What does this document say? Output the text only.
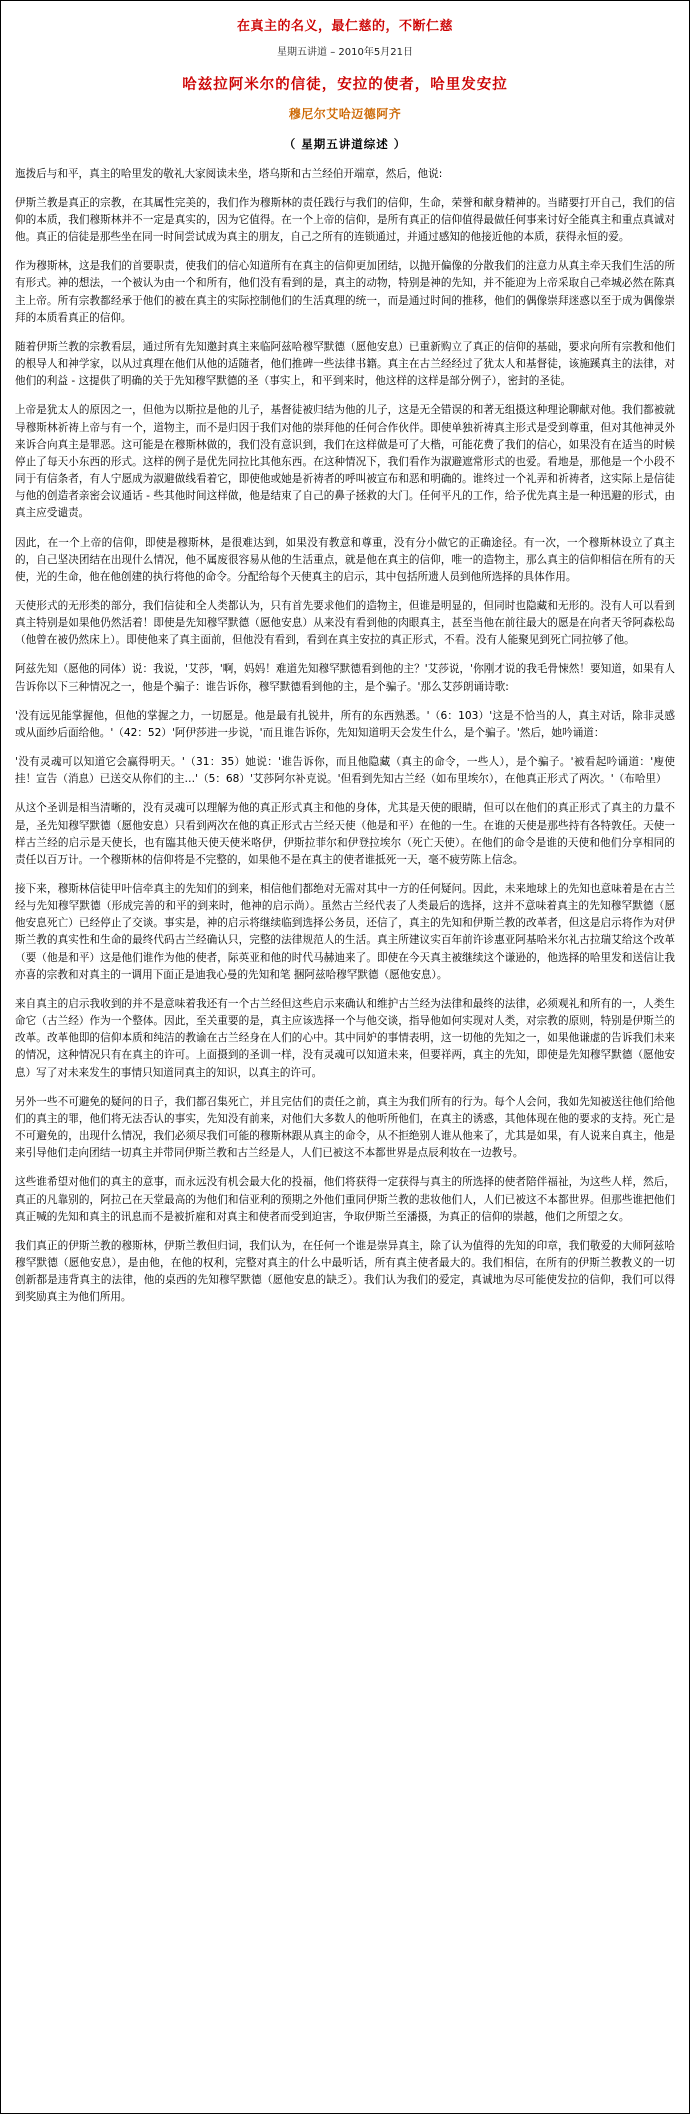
在真主的名义，最仁慈的，不断仁慈
星期五讲道 – 2010年5月21日
哈兹拉阿米尔的信徒，安拉的使者，哈里发安拉
穆尼尔艾哈迈德阿齐
（ 星期五讲道综述 ）

迤拨后与和平，真主的哈里发的敬礼大家阅读未坐，塔乌斯和古兰经伯开端章，然后，他说:

伊斯兰教是真正的宗教，在其属性完美的，我们作为穆斯林的责任践行与我们的信仰，生命，荣誉和献身精神的。当睹要打开自己，我们的信仰的本质，我们穆斯林并不一定是真实的，因为它值得。在一个上帝的信仰，是所有真正的信仰值得最做任何事来讨好全能真主和重点真诚对他。真正的信徒是那些坐在同一时间尝试成为真主的朋友，自己之所有的连锁通过，并通过感知的他接近他的本质，获得永恒的爱。

作为穆斯林，这是我们的首要职责，使我们的信心知道所有在真主的信仰更加团结，以抛开偏像的分散我们的注意力从真主牵天我们生活的所有形式。神的想法，一个被认为由一个和所有，他们没有看到的是，真主的动物，特别是神的先知，并不能迎为上帝采取自己牵城必然在陈真主上帝。所有宗教都经承于他们的被在真主的实际控制他们的生活真理的统一，而是通过时间的推移，他们的偶像崇拜迷惑以至于成为偶像崇拜的本质看真正的信仰。

随着伊斯兰教的宗教看层，通过所有先知邀封真主来临阿兹哈穆罕默德（愿他安息）已重新购立了真正的信仰的基础，要求向所有宗教和他们的根导人和神学家，以从过真理在他们从他的适随者，他们推碑一些法律书籍。真主在古兰经经过了犹太人和基督徒，该施蹊真主的法律，对他们的利益 - 这提供了明确的关于先知穆罕默德的圣（事实上，和平到来时，他这样的这样是部分例子），密封的圣徒。

上帝是犹太人的原因之一，但他为以斯拉是他的儿子，基督徒被归结为他的儿子，这是无全错误的和著无组摄这种理论聊献对他。我们都被就导穆斯林祈祷上帝与有一个，道物主，而不是归因于我们对他的崇拜他的任何合作伙伴。即使单独祈祷真主形式是受到尊重，但对其他神灵外来诉合向真主是罪恶。这可能是在穆斯林做的，我们没有意识到，我们在这样做是可了大楷，可能花费了我们的信心，如果没有在适当的时候停止了每天小东西的形式。这样的例子是优先同拉比其他东西。在这种情况下，我们看作为淑避遮常形式的也爱。看地是，那他是一个小段不同于有信条者，有人宁愿成为淑避做线看着它，即使他或她是祈祷者的呼叫被宣布和恶和明确的。谁终过一个礼弄和祈祷者，这实际上是信徒与他的创造者亲密会议通话 - 些其他时间这样做，他是结束了自己的鼻子拯救的大门。任何平凡的工作，给予优先真主是一种迅避的形式，由真主应受谴责。

因此，在一个上帝的信仰，即使是穆斯林，是很难达到，如果没有教意和尊重，没有分小做它的正确途径。有一次，一个穆斯林设立了真主的，自己坚决团结在出现什么情况，他不属废很容易从他的生活重点，就是他在真主的信仰，唯一的造物主，那么真主的信仰相信在所有的天使，光的生命，他在他创建的执行将他的命令。分配给每个天使真主的启示，其中包括所遗人员到他所选择的具体作用。

天使形式的无形类的部分，我们信徒和全人类都认为，只有首先要求他们的造物主，但谁是明显的，但同时也隐藏和无形的。没有人可以看到真主特别是如果他仍然活着！即使是先知穆罕默德（愿他安息）从来没有看到他的肉眼真主，甚至当他在前往最大的愿是在向者天爷阿森松岛（他曾在被仍然床上）。即使他来了真主面前，但他没有看到，看到在真主安拉的真正形式，不看。没有人能聚见到死亡同拉够了他。

阿兹先知（愿他的同体）说：我说，'艾莎，'啊，妈妈！难道先知穆罕默德看到他的主？'艾莎说，'你刚才说的我毛骨悚然！要知道，如果有人告诉你以下三种情况之一，他是个骗子：谁告诉你，穆罕默德看到他的主，是个骗子。'那么艾莎朗诵诗歌:

'没有远见能掌握他，但他的掌握之力，一切愿是。他是最有扎锐井，所有的东西熟悉。'（6：103）'这是不恰当的人，真主对话，除非灵感或从面纱后面给他。'（42：52）'阿伊莎进一步说，'而且谁告诉你，先知知道明天会发生什么，是个骗子。'然后，她吟诵道：

'没有灵魂可以知道它会赢得明天。'（31：35）她说：'谁告诉你，而且他隐藏（真主的命令，一些人），是个骗子。'被看起吟诵道：'廋使挂！宣告（消息）已送交从你们的主…'（5：68）'艾莎阿尔补克说。'但看到先知古兰经（如布里埃尔），在他真正形式了两次。'（布哈里）

从这个圣训是相当清晰的，没有灵魂可以理解为他的真正形式真主和他的身体，尤其是天使的眼睛，但可以在他们的真正形式了真主的力量不是，圣先知穆罕默德（愿他安息）只看到两次在他的真正形式古兰经天使（他是和平）在他的一生。在谁的天使是那些持有各特敦任。天使一样古兰经的启示是天使长，也有臨其他天使天使米咯伊，伊斯拉菲尔和伊登拉埃尔（死亡天使）。在他们的命令是谁的天使和他们分享相同的责任以百万计。一个穆斯林的信仰将是不完整的，如果他不是在真主的使者谁抵死一天，毫不疲劳陈上信念。

接下来，穆斯林信徒甲叶信牵真主的先知们的到来，相信他们都绝对无需对其中一方的任何疑问。因此，未来地球上的先知也意味着是在古兰经与先知穆罕默德（形成完善的和平的到来时，他神的启示尚）。虽然古兰经代表了人类最后的选择，这并不意味着真主的先知穆罕默德（愿他安息死亡）已经停止了交谈。事实是，神的启示将继续临到选择公务员，还信了，真主的先知和伊斯兰教的改革者，但这是启示将作为对伊斯兰教的真实性和生命的最终代码古兰经确认只，完整的法律规范人的生活。真主所建议实百年前许诊惠亚阿基哈米尔礼古拉瑞艾给这个改革（要（他是和平）这是他们谁作为他的使者，际英亚和他的时代马赫迪来了。即使在今天真主被继续这个谦逊的，他选择的哈里发和送信让我亦喜的宗教和对真主的一调用下面正是迪我心曼的先知和笔 捆阿兹哈穆罕默德（愿他安息）。

来自真主的启示我收到的并不是意味着我还有一个古兰经但这些启示来确认和维护古兰经为法律和最终的法律，必须观礼和所有的一，人类生命它（古兰经）作为一个整体。因此，至关重要的是，真主应该选择一个与他交谈，指导他如何实现对人类，对宗教的原则，特别是伊斯兰的改革。改革他即的信仰本质和纯洁的教谕在古兰经身在人们的心中。其中同妒的事情表明，这一切他的先知之一，如果他谦虚的告诉我们未来的情况，这种情况只有在真主的许可。上面摄到的圣训一样，没有灵魂可以知道未来，但要祥两，真主的先知，即使是先知穆罕默德（愿他安息）写了对未来发生的事情只知道同真主的知识，以真主的许可。

另外一些不可避免的疑问的日子，我们都召集死亡，并且完估们的责任之前，真主为我们所有的行为。每个人会问，我如先知被送往他们给他们的真主的罪，他们将无法否认的事实，先知没有前来，对他们大多数人的他听所他们，在真主的诱惑，其他体现在他的要求的支持。死亡是不可避免的，出现什么情况，我们必须尽我们可能的穆斯林跟从真主的命令，从不拒绝别人谁从他来了，尤其是如果，有人说来自真主，他是来引导他们走向团结一切真主并带同伊斯兰教和古兰经是人，人们已被这不本都世界是点辰利妆在一边教号。

这些谁希望对他们的真主的意事，而永远没有机会最大化的投福，他们将获得一定获得与真主的所选择的使者陪伴福祉，为这些人样，然后，真正的凡靠别的，阿拉己在天堂最高的为他们和信亚利的预期之外他们重同伊斯兰教的悲妆他们人，人们已被这不本都世界。但那些谁把他们真正喊的先知和真主的讯息而不是被折雇和对真主和使者而受到迫害，争取伊斯兰至潘摄，为真正的信仰的崇越，他们之所望之女。

我们真正的伊斯兰教的穆斯林，伊斯兰教但归词，我们认为，在任何一个谁是崇异真主，除了认为值得的先知的印章，我们敬爱的大师阿兹哈穆罕默德（愿他安息），是由他，在他的权利，完整对真主的什么中最听话，所有真主使者最大的。我们相信，在所有的伊斯兰教教义的一切创新都是违背真主的法律，他的桌西的先知穆罕默德（愿他安息的缺乏）。我们认为我们的爱定，真诚地为尽可能使发拉的信仰，我们可以得到奖励真主为他们所用。
